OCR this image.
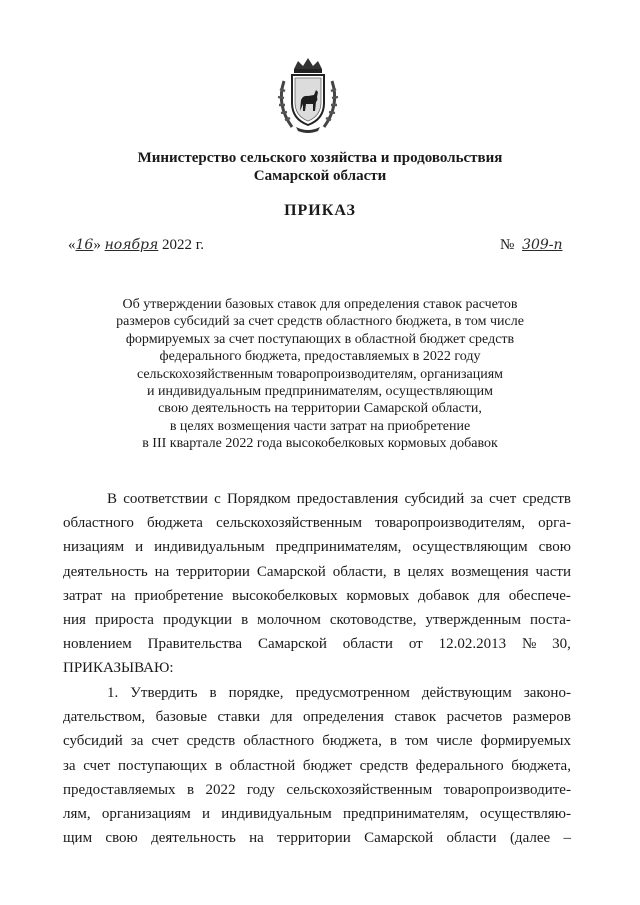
Министерство сельского хозяйства и продовольствия
Самарской области
ПРИКАЗ
«16» ноября 2022 г.	№ 309-п
Об утверждении базовых ставок для определения ставок расчетов
размеров субсидий за счет средств областного бюджета, в том числе
формируемых за счет поступающих в областной бюджет средств
федерального бюджета, предоставляемых в 2022 году
сельскохозяйственным товаропроизводителям, организациям
и индивидуальным предпринимателям, осуществляющим
свою деятельность на территории Самарской области,
в целях возмещения части затрат на приобретение
в III квартале 2022 года высокобелковых кормовых добавок
В соответствии с Порядком предоставления субсидий за счет средств
областного бюджета сельскохозяйственным товаропроизводителям, орга-
низациям и индивидуальным предпринимателям, осуществляющим свою
деятельность на территории Самарской области, в целях возмещения части
затрат на приобретение высокобелковых кормовых добавок для обеспече-
ния прироста продукции в молочном скотоводстве, утвержденным поста-
новлением Правительства Самарской области от 12.02.2013 № 30,
ПРИКАЗЫВАЮ:
1. Утвердить в порядке, предусмотренном действующим законо-
дательством, базовые ставки для определения ставок расчетов размеров
субсидий за счет средств областного бюджета, в том числе формируемых
за счет поступающих в областной бюджет средств федерального бюджета,
предоставляемых в 2022 году сельскохозяйственным товаропроизводите-
лям, организациям и индивидуальным предпринимателям, осуществляю-
щим свою деятельность на территории Самарской области (далее –
